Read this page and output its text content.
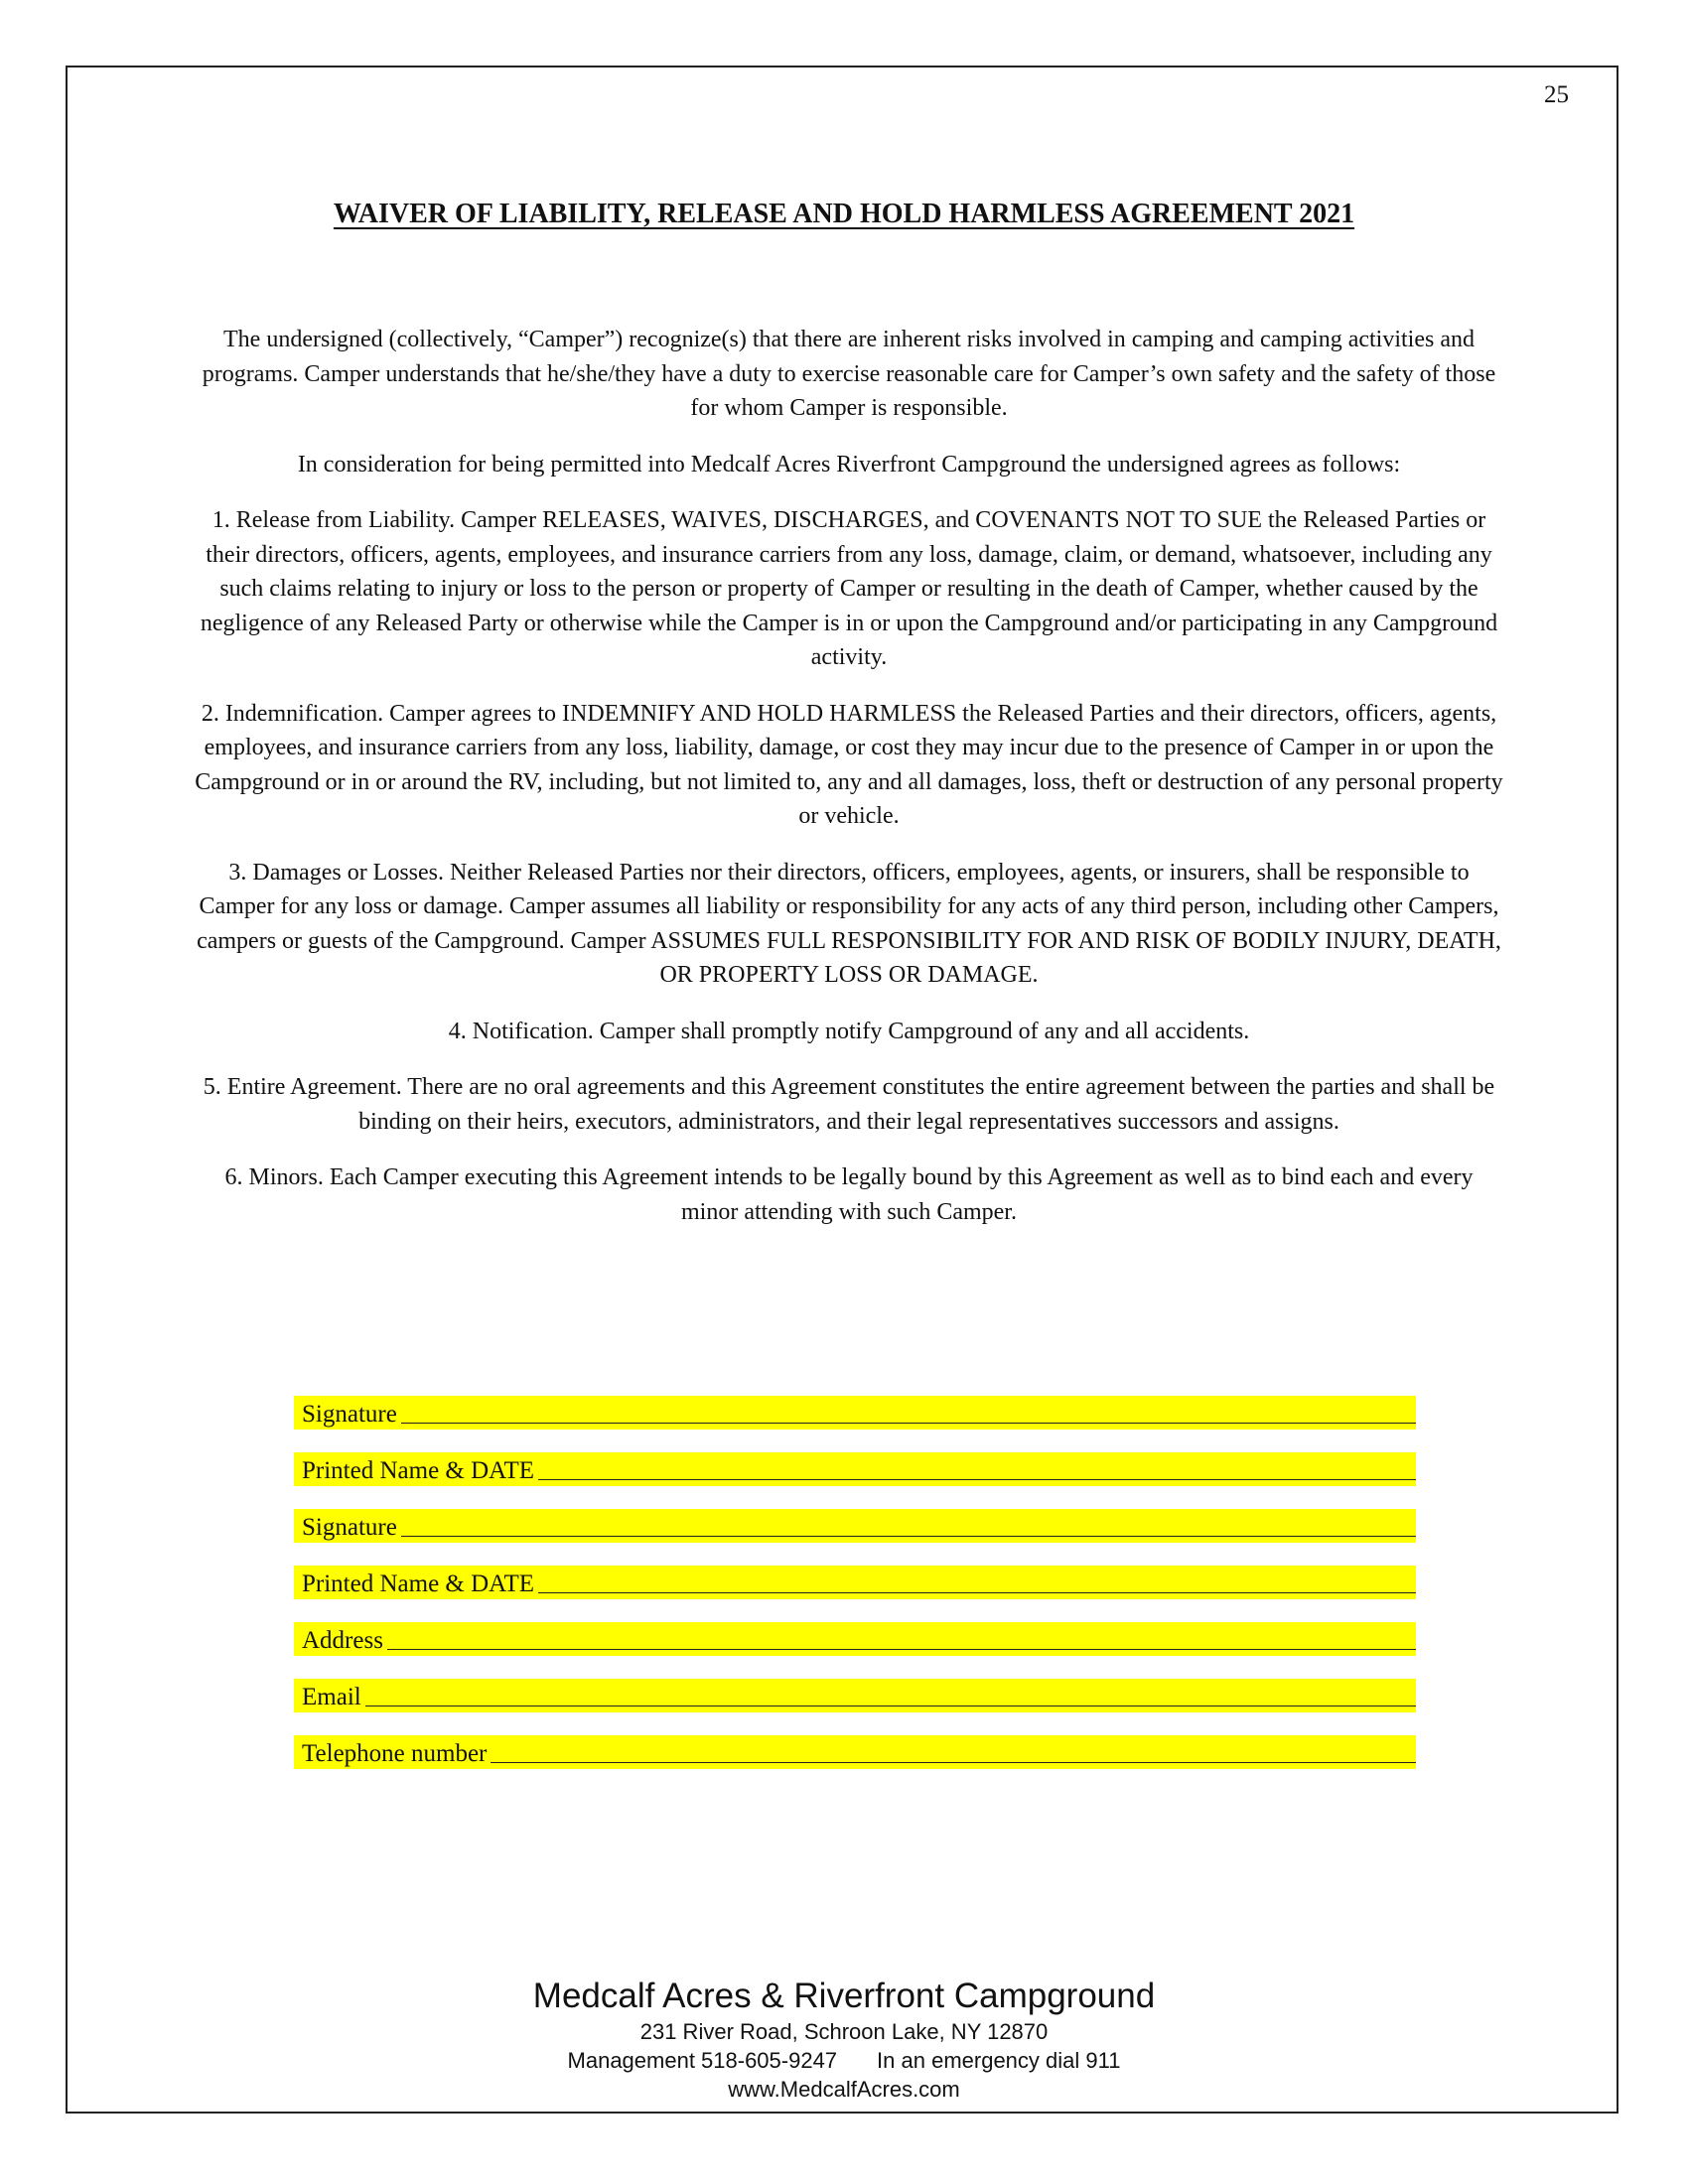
25
WAIVER OF LIABILITY, RELEASE AND HOLD HARMLESS AGREEMENT 2021

The undersigned (collectively, “Camper”) recognize(s) that there are inherent risks involved in camping and camping activities and programs. Camper understands that he/she/they have a duty to exercise reasonable care for Camper’s own safety and the safety of those for whom Camper is responsible.

In consideration for being permitted into Medcalf Acres Riverfront Campground the undersigned agrees as follows:

1. Release from Liability. Camper RELEASES, WAIVES, DISCHARGES, and COVENANTS NOT TO SUE the Released Parties or their directors, officers, agents, employees, and insurance carriers from any loss, damage, claim, or demand, whatsoever, including any such claims relating to injury or loss to the person or property of Camper or resulting in the death of Camper, whether caused by the negligence of any Released Party or otherwise while the Camper is in or upon the Campground and/or participating in any Campground activity.

2. Indemnification. Camper agrees to INDEMNIFY AND HOLD HARMLESS the Released Parties and their directors, officers, agents, employees, and insurance carriers from any loss, liability, damage, or cost they may incur due to the presence of Camper in or upon the Campground or in or around the RV, including, but not limited to, any and all damages, loss, theft or destruction of any personal property or vehicle.

3. Damages or Losses. Neither Released Parties nor their directors, officers, employees, agents, or insurers, shall be responsible to Camper for any loss or damage. Camper assumes all liability or responsibility for any acts of any third person, including other Campers, campers or guests of the Campground. Camper ASSUMES FULL RESPONSIBILITY FOR AND RISK OF BODILY INJURY, DEATH, OR PROPERTY LOSS OR DAMAGE.

4. Notification. Camper shall promptly notify Campground of any and all accidents.

5. Entire Agreement. There are no oral agreements and this Agreement constitutes the entire agreement between the parties and shall be binding on their heirs, executors, administrators, and their legal representatives successors and assigns.

6. Minors. Each Camper executing this Agreement intends to be legally bound by this Agreement as well as to bind each and every minor attending with such Camper.

Signature
Printed Name & DATE
Signature
Printed Name & DATE
Address
Email
Telephone number
Medcalf Acres & Riverfront Campground
231 River Road, Schroon Lake, NY 12870
Management 518-605-9247 In an emergency dial 911
www.MedcalfAcres.com
